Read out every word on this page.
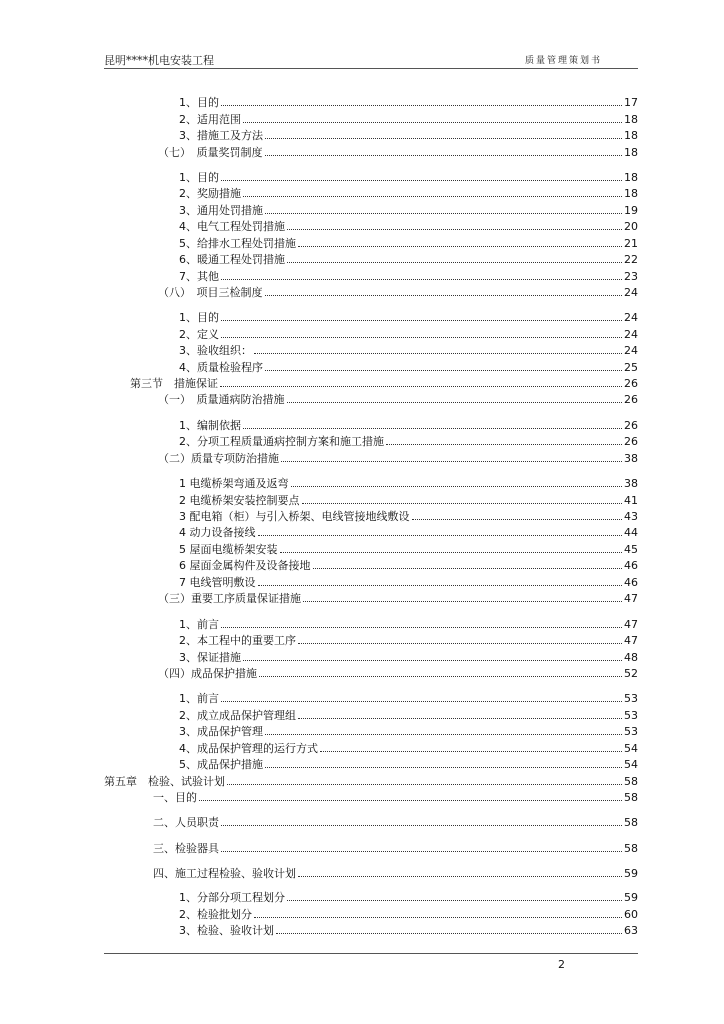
昆明****机电安装工程	质量管理策划书
1、目的	17
2、适用范围	18
3、措施工及方法	18
（七）　质量奖罚制度	18
1、目的	18
2、奖励措施	18
3、通用处罚措施	19
4、电气工程处罚措施	20
5、给排水工程处罚措施	21
6、暖通工程处罚措施	22
7、其他	23
（八）　项目三检制度	24
1、目的	24
2、定义	24
3、验收组织：	24
4、质量检验程序	25
第三节　措施保证	26
（一）　质量通病防治措施	26
1、编制依据	26
2、分项工程质量通病控制方案和施工措施	26
（二）质量专项防治措施	38
1 电缆桥架弯通及返弯	38
2 电缆桥架安装控制要点	41
3 配电箱（柜）与引入桥架、电线管接地线敷设	43
4 动力设备接线	44
5 屋面电缆桥架安装	45
6 屋面金属构件及设备接地	46
7 电线管明敷设	46
（三）重要工序质量保证措施	47
1、前言	47
2、本工程中的重要工序	47
3、保证措施	48
（四）成品保护措施	52
1、前言	53
2、成立成品保护管理组	53
3、成品保护管理	53
4、成品保护管理的运行方式	54
5、成品保护措施	54
第五章　检验、试验计划	58
一、目的	58
二、人员职责	58
三、检验器具	58
四、施工过程检验、验收计划	59
1、分部分项工程划分	59
2、检验批划分	60
3、检验、验收计划	63
2
